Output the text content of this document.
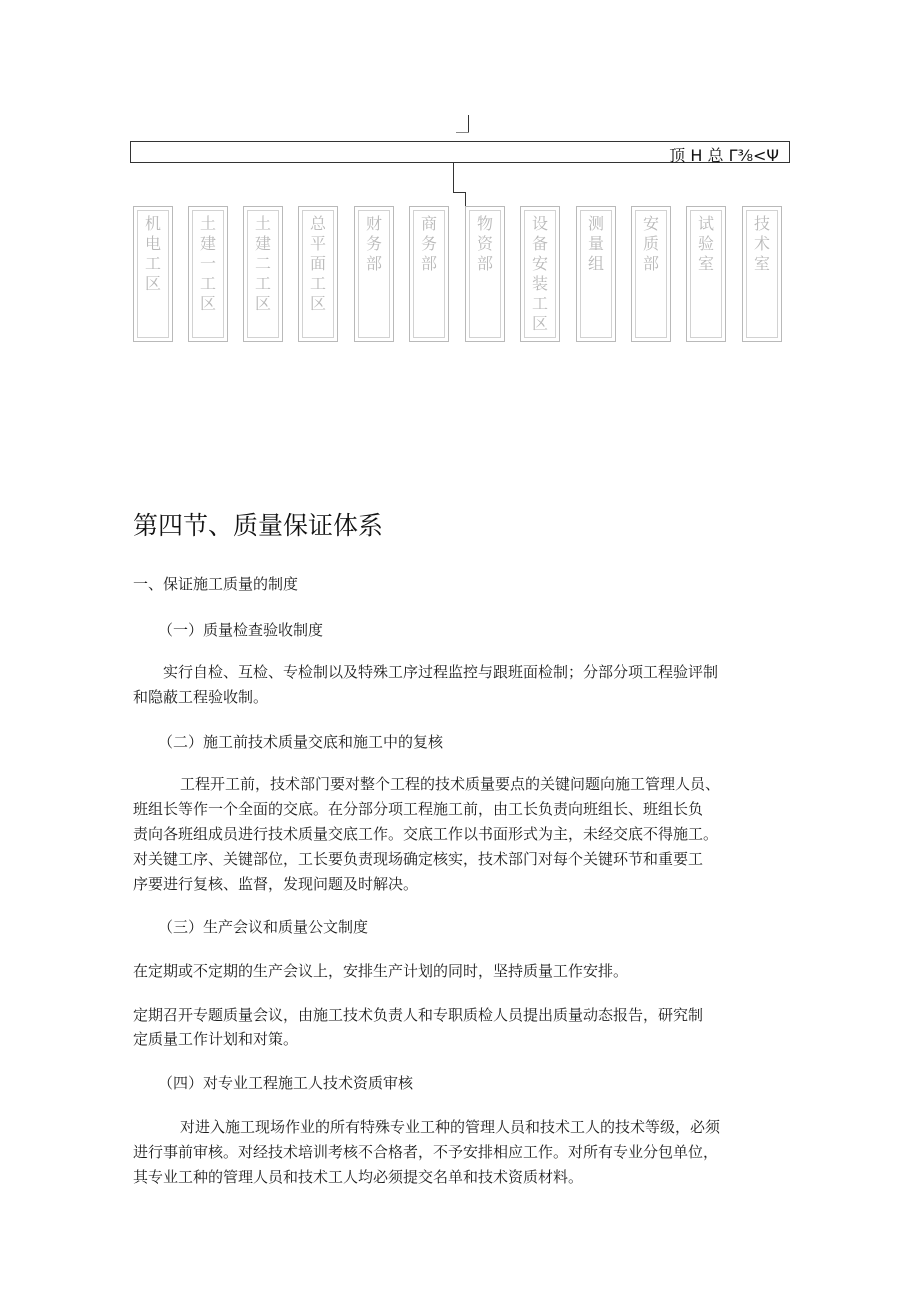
顶 H 总 Γ⅜<Ψ
机电工区
土建一工区
土建二工区
总平面工区
财务部
商务部
物资部
设备安装工区
测量组
安质部
试验室
技术室
第四节、质量保证体系
一、保证施工质量的制度
（一）质量检查验收制度
实行自检、互检、专检制以及特殊工序过程监控与跟班面检制；分部分项工程验评制
和隐蔽工程验收制。
（二）施工前技术质量交底和施工中的复核
工程开工前，技术部门要对整个工程的技术质量要点的关键问题向施工管理人员、
班组长等作一个全面的交底。在分部分项工程施工前，由工长负责向班组长、班组长负
责向各班组成员进行技术质量交底工作。交底工作以书面形式为主，未经交底不得施工。
对关键工序、关键部位，工长要负责现场确定核实，技术部门对每个关键环节和重要工
序要进行复核、监督，发现问题及时解决。
（三）生产会议和质量公文制度
在定期或不定期的生产会议上，安排生产计划的同时，坚持质量工作安排。
定期召开专题质量会议，由施工技术负责人和专职质检人员提出质量动态报告，研究制
定质量工作计划和对策。
（四）对专业工程施工人技术资质审核
对进入施工现场作业的所有特殊专业工种的管理人员和技术工人的技术等级，必须
进行事前审核。对经技术培训考核不合格者，不予安排相应工作。对所有专业分包单位，
其专业工种的管理人员和技术工人均必须提交名单和技术资质材料。
